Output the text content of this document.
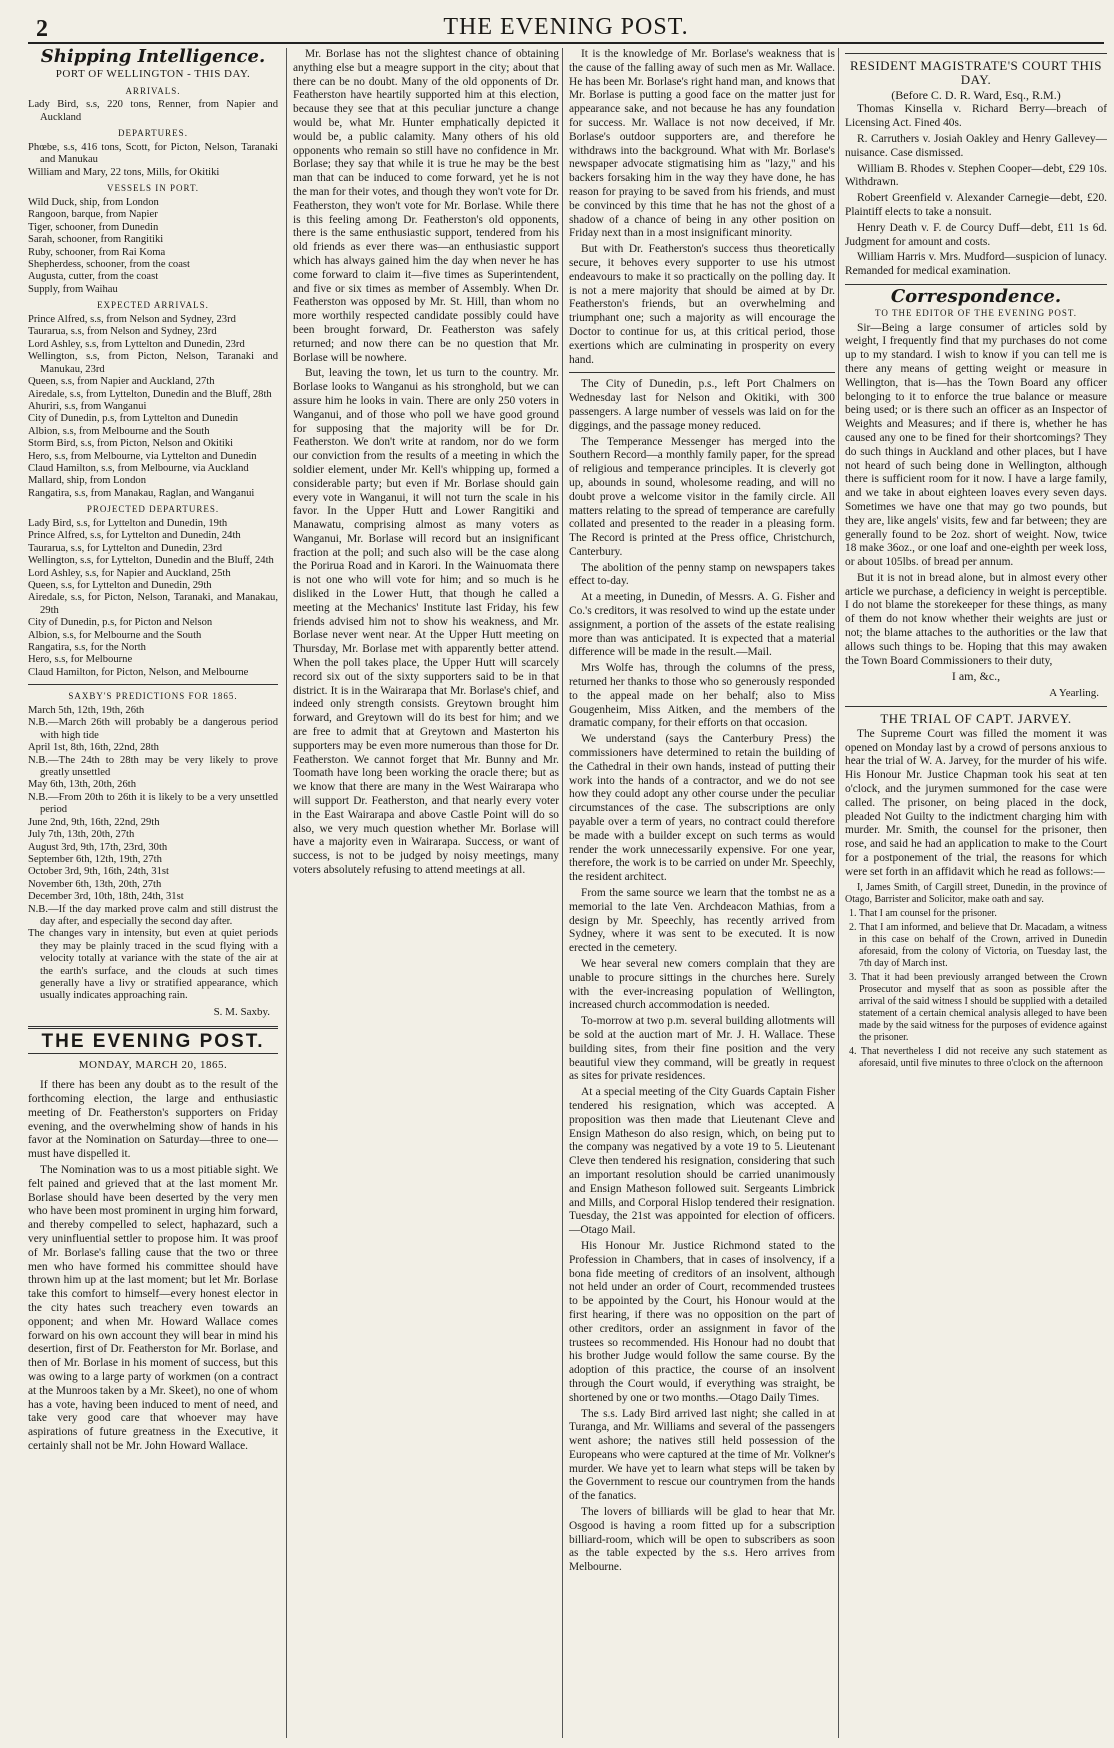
2	THE EVENING POST.
Shipping Intelligence.
PORT OF WELLINGTON - THIS DAY.
ARRIVALS.

Lady Bird, s.s, 220 tons, Renner, from Napier and Auckland

DEPARTURES.

Phœbe, s.s, 416 tons, Scott, for Picton, Nelson, Taranaki and Manukau

William and Mary, 22 tons, Mills, for Okitiki

VESSELS IN PORT.

Wild Duck, ship, from London

Rangoon, barque, from Napier

Tiger, schooner, from Dunedin

Sarah, schooner, from Rangitiki

Ruby, schooner, from Rai Koma

Shepherdess, schooner, from the coast

Augusta, cutter, from the coast

Supply, from Waihau

EXPECTED ARRIVALS.

Prince Alfred, s.s, from Nelson and Sydney, 23rd

Tauraruа, s.s, from Nelson and Sydney, 23rd

Lord Ashley, s.s, from Lyttelton and Dunedin, 23rd

Wellington, s.s, from Picton, Nelson, Taranaki and Manukau, 23rd

Queen, s.s, from Napier and Auckland, 27th

Airedale, s.s, from Lyttelton, Dunedin and the Bluff, 28th

Ahuriri, s.s, from Wanganui

City of Dunedin, p.s, from Lyttelton and Dunedin

Albion, s.s, from Melbourne and the South

Storm Bird, s.s, from Picton, Nelson and Okitiki

Hero, s.s, from Melbourne, via Lyttelton and Dunedin

Claud Hamilton, s.s, from Melbourne, via Auckland

Mallard, ship, from London

Rangatira, s.s, from Manakau, Raglan, and Wanganui

PROJECTED DEPARTURES.

Lady Bird, s.s, for Lyttelton and Dunedin, 19th

Prince Alfred, s.s, for Lyttelton and Dunedin, 24th

Tauraruа, s.s, for Lyttelton and Dunedin, 23rd

Wellington, s.s, for Lyttelton, Dunedin and the Bluff, 24th

Lord Ashley, s.s, for Napier and Auckland, 25th

Queen, s.s, for Lyttelton and Dunedin, 29th

Airedale, s.s, for Picton, Nelson, Taranaki, and Manakau, 29th

City of Dunedin, p.s, for Picton and Nelson

Albion, s.s, for Melbourne and the South

Rangatira, s.s, for the North

Hero, s.s, for Melbourne

Claud Hamilton, for Picton, Nelson, and Melbourne

SAXBY'S PREDICTIONS FOR 1865.

March 5th, 12th, 19th, 26th

N.B.—March 26th will probably be a dangerous period with high tide

April 1st, 8th, 16th, 22nd, 28th

N.B.—The 24th to 28th may be very likely to prove greatly unsettled

May 6th, 13th, 20th, 26th

N.B.—From 20th to 26th it is likely to be a very unsettled period

June 2nd, 9th, 16th, 22nd, 29th

July 7th, 13th, 20th, 27th

August 3rd, 9th, 17th, 23rd, 30th

September 6th, 12th, 19th, 27th

October 3rd, 9th, 16th, 24th, 31st

November 6th, 13th, 20th, 27th

December 3rd, 10th, 18th, 24th, 31st

N.B.—If the day marked prove calm and still distrust the day after, and especially the second day after.

The changes vary in intensity, but even at quiet periods they may be plainly traced in the scud flying with a velocity totally at variance with the state of the air at the earth's surface, and the clouds at such times generally have a livy or stratified appearance, which usually indicates approaching rain.

S. M. Saxby.
THE EVENING POST.
MONDAY, MARCH 20, 1865.

If there has been any doubt as to the result of the forthcoming election, the large and enthusiastic meeting of Dr. Featherston's supporters on Friday evening, and the overwhelming show of hands in his favor at the Nomination on Saturday—three to one—must have dispelled it.

The Nomination was to us a most pitiable sight. We felt pained and grieved that at the last moment Mr. Borlase should have been deserted by the very men who have been most prominent in urging him forward, and thereby compelled to select, haphazard, such a very uninfluential settler to propose him. It was proof of Mr. Borlase's falling cause that the two or three men who have formed his committee should have thrown him up at the last moment; but let Mr. Borlase take this comfort to himself—every honest elector in the city hates such treachery even towards an opponent; and when Mr. Howard Wallace comes forward on his own account they will bear in mind his desertion, first of Dr. Featherston for Mr. Borlase, and then of Mr. Borlase in his moment of success, but this was owing to a large party of workmen (on a contract at the Munroos taken by a Mr. Skeet), no one of whom has a vote, having been induced to ment of need, and take very good care that whoever may have aspirations of future greatness in the Executive, it certainly shall not be Mr. John Howard Wallace.

Mr. Borlase has not the slightest chance of obtaining anything else but a meagre support in the city; about that there can be no doubt. Many of the old opponents of Dr. Featherston have heartily supported him at this election, because they see that at this peculiar juncture a change would be, what Mr. Hunter emphatically depicted it would be, a public calamity. Many others of his old opponents who remain so still have no confidence in Mr. Borlase; they say that while it is true he may be the best man that can be induced to come forward, yet he is not the man for their votes, and though they won't vote for Dr. Featherston, they won't vote for Mr. Borlase. While there is this feeling among Dr. Featherston's old opponents, there is the same enthusiastic support, tendered from his old friends as ever there was—an enthusiastic support which has always gained him the day when never he has come forward to claim it—five times as Superintendent, and five or six times as member of Assembly. When Dr. Featherston was opposed by Mr. St. Hill, than whom no more worthily respected candidate possibly could have been brought forward, Dr. Featherston was safely returned; and now there can be no question that Mr. Borlase will be nowhere.

But, leaving the town, let us turn to the country. Mr. Borlase looks to Wanganui as his stronghold, but we can assure him he looks in vain. There are only 250 voters in Wanganui, and of those who poll we have good ground for supposing that the majority will be for Dr. Featherston. We don't write at random, nor do we form our conviction from the results of a meeting in which the soldier element, under Mr. Kell's whipping up, formed a considerable party; but even if Mr. Borlase should gain every vote in Wanganui, it will not turn the scale in his favor. In the Upper Hutt and Lower Rangitiki and Manawatu, comprising almost as many voters as Wanganui, Mr. Borlase will record but an insignificant fraction at the poll; and such also will be the case along the Porirua Road and in Karori. In the Wainuomata there is not one who will vote for him; and so much is he disliked in the Lower Hutt, that though he called a meeting at the Mechanics' Institute last Friday, his few friends advised him not to show his weakness, and Mr. Borlase never went near. At the Upper Hutt meeting on Thursday, Mr. Borlase met with apparently better attend. When the poll takes place, the Upper Hutt will scarcely record six out of the sixty supporters said to be in that district. It is in the Wairarapa that Mr. Borlase's chief, and indeed only strength consists. Greytown brought him forward, and Greytown will do its best for him; and we are free to admit that at Greytown and Masterton his supporters may be even more numerous than those for Dr. Featherston. We cannot forget that Mr. Bunny and Mr. Toomath have long been working the oracle there; but as we know that there are many in the West Wairarapa who will support Dr. Featherston, and that nearly every voter in the East Wairarapa and above Castle Point will do so also, we very much question whether Mr. Borlase will have a majority even in Wairarapa. Success, or want of success, is not to be judged by noisy meetings, many voters absolutely refusing to attend meetings at all.

It is the knowledge of Mr. Borlase's weakness that is the cause of the falling away of such men as Mr. Wallace. He has been Mr. Borlase's right hand man, and knows that Mr. Borlase is putting a good face on the matter just for appearance sake, and not because he has any foundation for success. Mr. Wallace is not now deceived, if Mr. Borlase's outdoor supporters are, and therefore he withdraws into the background. What with Mr. Borlase's newspaper advocate stigmatising him as "lazy," and his backers forsaking him in the way they have done, he has reason for praying to be saved from his friends, and must be convinced by this time that he has not the ghost of a shadow of a chance of being in any other position on Friday next than in a most insignificant minority.

But with Dr. Featherston's success thus theoretically secure, it behoves every supporter to use his utmost endeavours to make it so practically on the polling day. It is not a mere majority that should be aimed at by Dr. Featherston's friends, but an overwhelming and triumphant one; such a majority as will encourage the Doctor to continue for us, at this critical period, those exertions which are culminating in prosperity on every hand.

The City of Dunedin, p.s., left Port Chalmers on Wednesday last for Nelson and Okitiki, with 300 passengers. A large number of vessels was laid on for the diggings, and the passage money reduced.

The Temperance Messenger has merged into the Southern Record—a monthly family paper, for the spread of religious and temperance principles. It is cleverly got up, abounds in sound, wholesome reading, and will no doubt prove a welcome visitor in the family circle. All matters relating to the spread of temperance are carefully collated and presented to the reader in a pleasing form. The Record is printed at the Press office, Christchurch, Canterbury.

The abolition of the penny stamp on newspapers takes effect to-day.

At a meeting, in Dunedin, of Messrs. A. G. Fisher and Co.'s creditors, it was resolved to wind up the estate under assignment, a portion of the assets of the estate realising more than was anticipated. It is expected that a material difference will be made in the result.—Mail.

Mrs Wolfe has, through the columns of the press, returned her thanks to those who so generously responded to the appeal made on her behalf; also to Miss Gougenheim, Miss Aitken, and the members of the dramatic company, for their efforts on that occasion.

We understand (says the Canterbury Press) the commissioners have determined to retain the building of the Cathedral in their own hands, instead of putting their work into the hands of a contractor, and we do not see how they could adopt any other course under the peculiar circumstances of the case. The subscriptions are only payable over a term of years, no contract could therefore be made with a builder except on such terms as would render the work unnecessarily expensive. For one year, therefore, the work is to be carried on under Mr. Speechly, the resident architect.

From the same source we learn that the tombst ne as a memorial to the late Ven. Archdeacon Mathias, from a design by Mr. Speechly, has recently arrived from Sydney, where it was sent to be executed. It is now erected in the cemetery.

We hear several new comers complain that they are unable to procure sittings in the churches here. Surely with the ever-increasing population of Wellington, increased church accommodation is needed.

To-morrow at two p.m. several building allotments will be sold at the auction mart of Mr. J. H. Wallace. These building sites, from their fine position and the very beautiful view they command, will be greatly in request as sites for private residences.

At a special meeting of the City Guards Captain Fisher tendered his resignation, which was accepted. A proposition was then made that Lieutenant Cleve and Ensign Matheson do also resign, which, on being put to the company was negatived by a vote 19 to 5. Lieutenant Cleve then tendered his resignation, considering that such an important resolution should be carried unanimously and Ensign Matheson followed suit. Sergeants Limbrick and Mills, and Corporal Hislop tendered their resignation. Tuesday, the 21st was appointed for election of officers.—Otago Mail.

His Honour Mr. Justice Richmond stated to the Profession in Chambers, that in cases of insolvency, if a bona fide meeting of creditors of an insolvent, although not held under an order of Court, recommended trustees to be appointed by the Court, his Honour would at the first hearing, if there was no opposition on the part of other creditors, order an assignment in favor of the trustees so recommended. His Honour had no doubt that his brother Judge would follow the same course. By the adoption of this practice, the course of an insolvent through the Court would, if everything was straight, be shortened by one or two months.—Otago Daily Times.

The s.s. Lady Bird arrived last night; she called in at Turanga, and Mr. Williams and several of the passengers went ashore; the natives still held possession of the Europeans who were captured at the time of Mr. Volkner's murder. We have yet to learn what steps will be taken by the Government to rescue our countrymen from the hands of the fanatics.

The lovers of billiards will be glad to hear that Mr. Osgood is having a room fitted up for a subscription billiard-room, which will be open to subscribers as soon as the table expected by the s.s. Hero arrives from Melbourne.

RESIDENT MAGISTRATE'S COURT THIS DAY.
(Before C. D. R. Ward, Esq., R.M.)

Thomas Kinsella v. Richard Berry—breach of Licensing Act. Fined 40s.

R. Carruthers v. Josiah Oakley and Henry Gallevey—nuisance. Case dismissed.

William B. Rhodes v. Stephen Cooper—debt, £29 10s. Withdrawn.

Robert Greenfield v. Alexander Carnegie—debt, £20. Plaintiff elects to take a nonsuit.

Henry Death v. F. de Courcy Duff—debt, £11 1s 6d. Judgment for amount and costs.

William Harris v. Mrs. Mudford—suspicion of lunacy. Remanded for medical examination.

Correspondence.
TO THE EDITOR OF THE EVENING POST.

Sir—Being a large consumer of articles sold by weight, I frequently find that my purchases do not come up to my standard. I wish to know if you can tell me is there any means of getting weight or measure in Wellington, that is—has the Town Board any officer belonging to it to enforce the true balance or measure being used; or is there such an officer as an Inspector of Weights and Measures; and if there is, whether he has caused any one to be fined for their shortcomings? They do such things in Auckland and other places, but I have not heard of such being done in Wellington, although there is sufficient room for it now. I have a large family, and we take in about eighteen loaves every seven days. Sometimes we have one that may go two pounds, but they are, like angels' visits, few and far between; they are generally found to be 2oz. short of weight. Now, twice 18 make 36oz., or one loaf and one-eighth per week loss, or about 105lbs. of bread per annum.

But it is not in bread alone, but in almost every other article we purchase, a deficiency in weight is perceptible. I do not blame the storekeeper for these things, as many of them do not know whether their weights are just or not; the blame attaches to the authorities or the law that allows such things to be. Hoping that this may awaken the Town Board Commissioners to their duty,

I am, &c.,
A Yearling.
THE TRIAL OF CAPT. JARVEY.

The Supreme Court was filled the moment it was opened on Monday last by a crowd of persons anxious to hear the trial of W. A. Jarvey, for the murder of his wife. His Honour Mr. Justice Chapman took his seat at ten o'clock, and the jurymen summoned for the case were called. The prisoner, on being placed in the dock, pleaded Not Guilty to the indictment charging him with murder. Mr. Smith, the counsel for the prisoner, then rose, and said he had an application to make to the Court for a postponement of the trial, the reasons for which were set forth in an affidavit which he read as follows:—

I, James Smith, of Cargill street, Dunedin, in the province of Otago, Barrister and Solicitor, make oath and say.

1. That I am counsel for the prisoner.

2. That I am informed, and believe that Dr. Macadam, a witness in this case on behalf of the Crown, arrived in Dunedin aforesaid, from the colony of Victoria, on Tuesday last, the 7th day of March inst.

3. That it had been previously arranged between the Crown Prosecutor and myself that as soon as possible after the arrival of the said witness I should be supplied with a detailed statement of a certain chemical analysis alleged to have been made by the said witness for the purposes of evidence against the prisoner.

4. That nevertheless I did not receive any such statement as aforesaid, until five minutes to three o'clock on the afternoon
